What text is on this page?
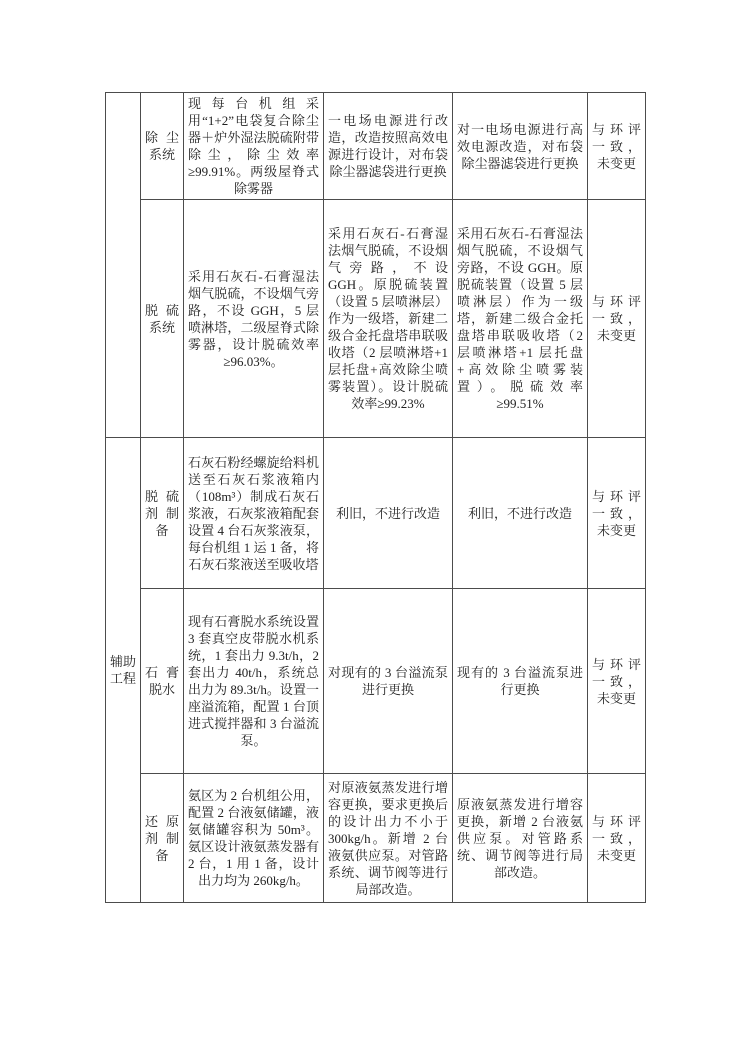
	除尘系统	现每台机组采用“1+2”电袋复合除尘器＋炉外湿法脱硫附带除尘，除尘效率≥99.91%。两级屋脊式除雾器	一电场电源进行改造，改造按照高效电源进行设计，对布袋除尘器滤袋进行更换	对一电场电源进行高效电源改造，对布袋除尘器滤袋进行更换	与环评一致，未变更
	脱硫系统	采用石灰石-石膏湿法烟气脱硫，不设烟气旁路，不设 GGH，5 层喷淋塔，二级屋脊式除雾器，设计脱硫效率≥96.03%。	采用石灰石-石膏湿法烟气脱硫，不设烟气旁路，不设 GGH。原脱硫装置（设置 5 层喷淋层）作为一级塔，新建二级合金托盘塔串联吸收塔（2 层喷淋塔+1 层托盘+高效除尘喷雾装置）。设计脱硫效率≥99.23%	采用石灰石-石膏湿法烟气脱硫，不设烟气旁路，不设 GGH。原脱硫装置（设置 5 层喷淋层）作为一级塔，新建二级合金托盘塔串联吸收塔（2 层喷淋塔+1 层托盘+高效除尘喷雾装置）。脱硫效率≥99.51%	与环评一致，未变更
辅助工程	脱硫剂制备	石灰石粉经螺旋给料机送至石灰石浆液箱内（108m³）制成石灰石浆液，石灰浆液箱配套设置 4 台石灰浆液泵，每台机组 1 运 1 备，将石灰石浆液送至吸收塔	利旧，不进行改造	利旧，不进行改造	与环评一致，未变更
	石膏脱水	现有石膏脱水系统设置 3 套真空皮带脱水机系统，1 套出力 9.3t/h，2 套出力 40t/h，系统总出力为 89.3t/h。设置一座溢流箱，配置 1 台顶进式搅拌器和 3 台溢流泵。	对现有的 3 台溢流泵进行更换	现有的 3 台溢流泵进行更换	与环评一致，未变更
	还原剂制备	氨区为 2 台机组公用，配置 2 台液氨储罐，液氨储罐容积为 50m³。氨区设计液氨蒸发器有 2 台，1 用 1 备，设计出力均为 260kg/h。	对原液氨蒸发进行增容更换，要求更换后的设计出力不小于 300kg/h。新增 2 台液氨供应泵。对管路系统、调节阀等进行局部改造。	原液氨蒸发进行增容更换，新增 2 台液氨供应泵。对管路系统、调节阀等进行局部改造。	与环评一致，未变更
